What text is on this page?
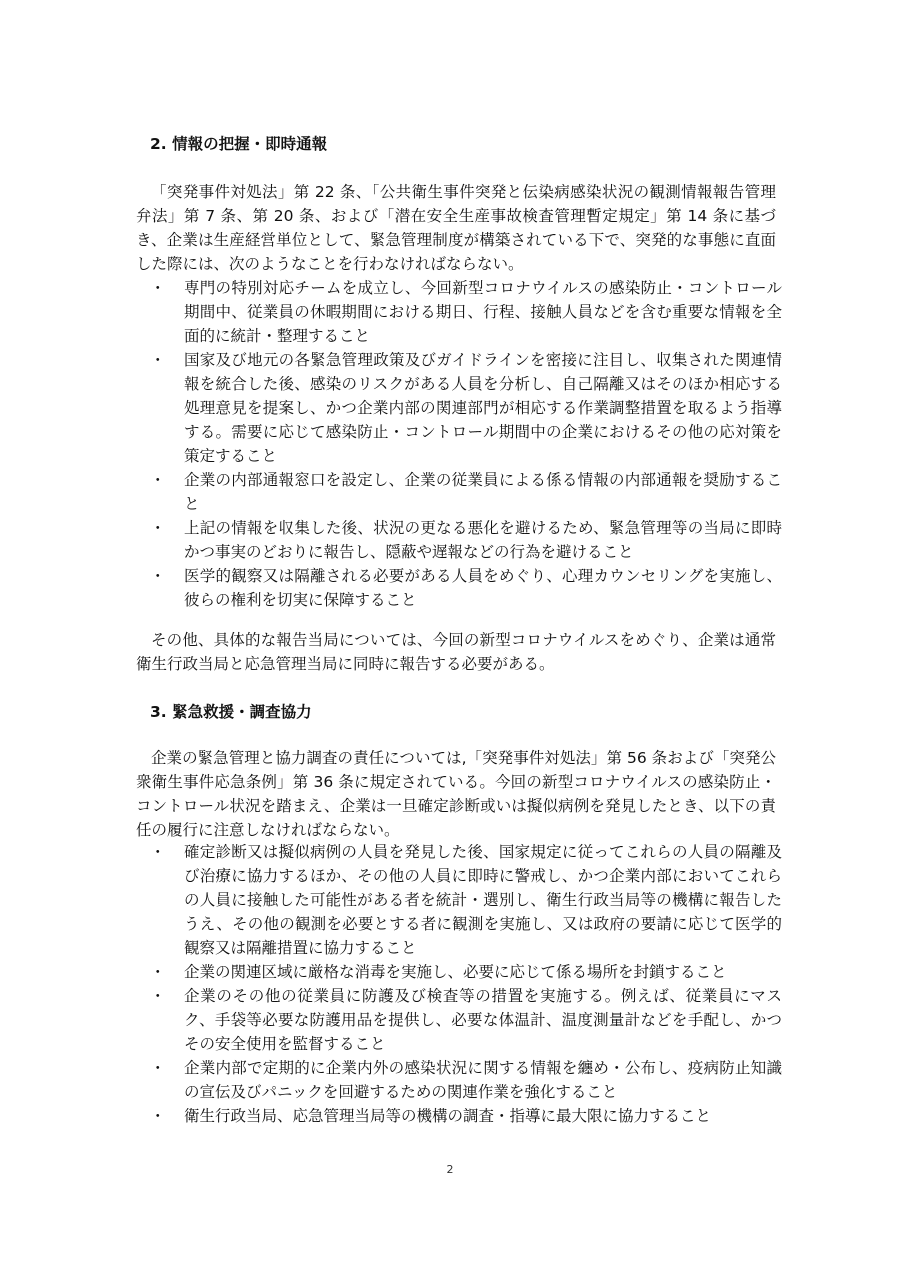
2. 情報の把握・即時通報

「突発事件対処法」第 22 条、「公共衛生事件突発と伝染病感染状況の観測情報報告管理弁法」第 7 条、第 20 条、および「潜在安全生産事故検査管理暫定規定」第 14 条に基づき、企業は生産経営単位として、緊急管理制度が構築されている下で、突発的な事態に直面した際には、次のようなことを行わなければならない。

・ 専門の特別対応チームを成立し、今回新型コロナウイルスの感染防止・コントロール期間中、従業員の休暇期間における期日、行程、接触人員などを含む重要な情報を全面的に統計・整理すること
・ 国家及び地元の各緊急管理政策及びガイドラインを密接に注目し、収集された関連情報を統合した後、感染のリスクがある人員を分析し、自己隔離又はそのほか相応する処理意見を提案し、かつ企業内部の関連部門が相応する作業調整措置を取るよう指導する。需要に応じて感染防止・コントロール期間中の企業におけるその他の応対策を策定すること
・ 企業の内部通報窓口を設定し、企業の従業員による係る情報の内部通報を奨励すること
・ 上記の情報を収集した後、状況の更なる悪化を避けるため、緊急管理等の当局に即時かつ事実のどおりに報告し、隠蔽や遅報などの行為を避けること
・ 医学的観察又は隔離される必要がある人員をめぐり、心理カウンセリングを実施し、彼らの権利を切実に保障すること

その他、具体的な報告当局については、今回の新型コロナウイルスをめぐり、企業は通常衛生行政当局と応急管理当局に同時に報告する必要がある。

3. 緊急救援・調査協力

企業の緊急管理と協力調査の責任については,「突発事件対処法」第 56 条および「突発公衆衛生事件応急条例」第 36 条に規定されている。今回の新型コロナウイルスの感染防止・コントロール状況を踏まえ、企業は一旦確定診断或いは擬似病例を発見したとき、以下の責任の履行に注意しなければならない。

・ 確定診断又は擬似病例の人員を発見した後、国家規定に従ってこれらの人員の隔離及び治療に協力するほか、その他の人員に即時に警戒し、かつ企業内部においてこれらの人員に接触した可能性がある者を統計・選別し、衛生行政当局等の機構に報告したうえ、その他の観測を必要とする者に観測を実施し、又は政府の要請に応じて医学的観察又は隔離措置に協力すること
・ 企業の関連区域に厳格な消毒を実施し、必要に応じて係る場所を封鎖すること
・ 企業のその他の従業員に防護及び検査等の措置を実施する。例えば、従業員にマスク、手袋等必要な防護用品を提供し、必要な体温計、温度測量計などを手配し、かつその安全使用を監督すること
・ 企業内部で定期的に企業内外の感染状況に関する情報を纏め・公布し、疫病防止知識の宣伝及びパニックを回避するための関連作業を強化すること
・ 衛生行政当局、応急管理当局等の機構の調査・指導に最大限に協力すること
2
